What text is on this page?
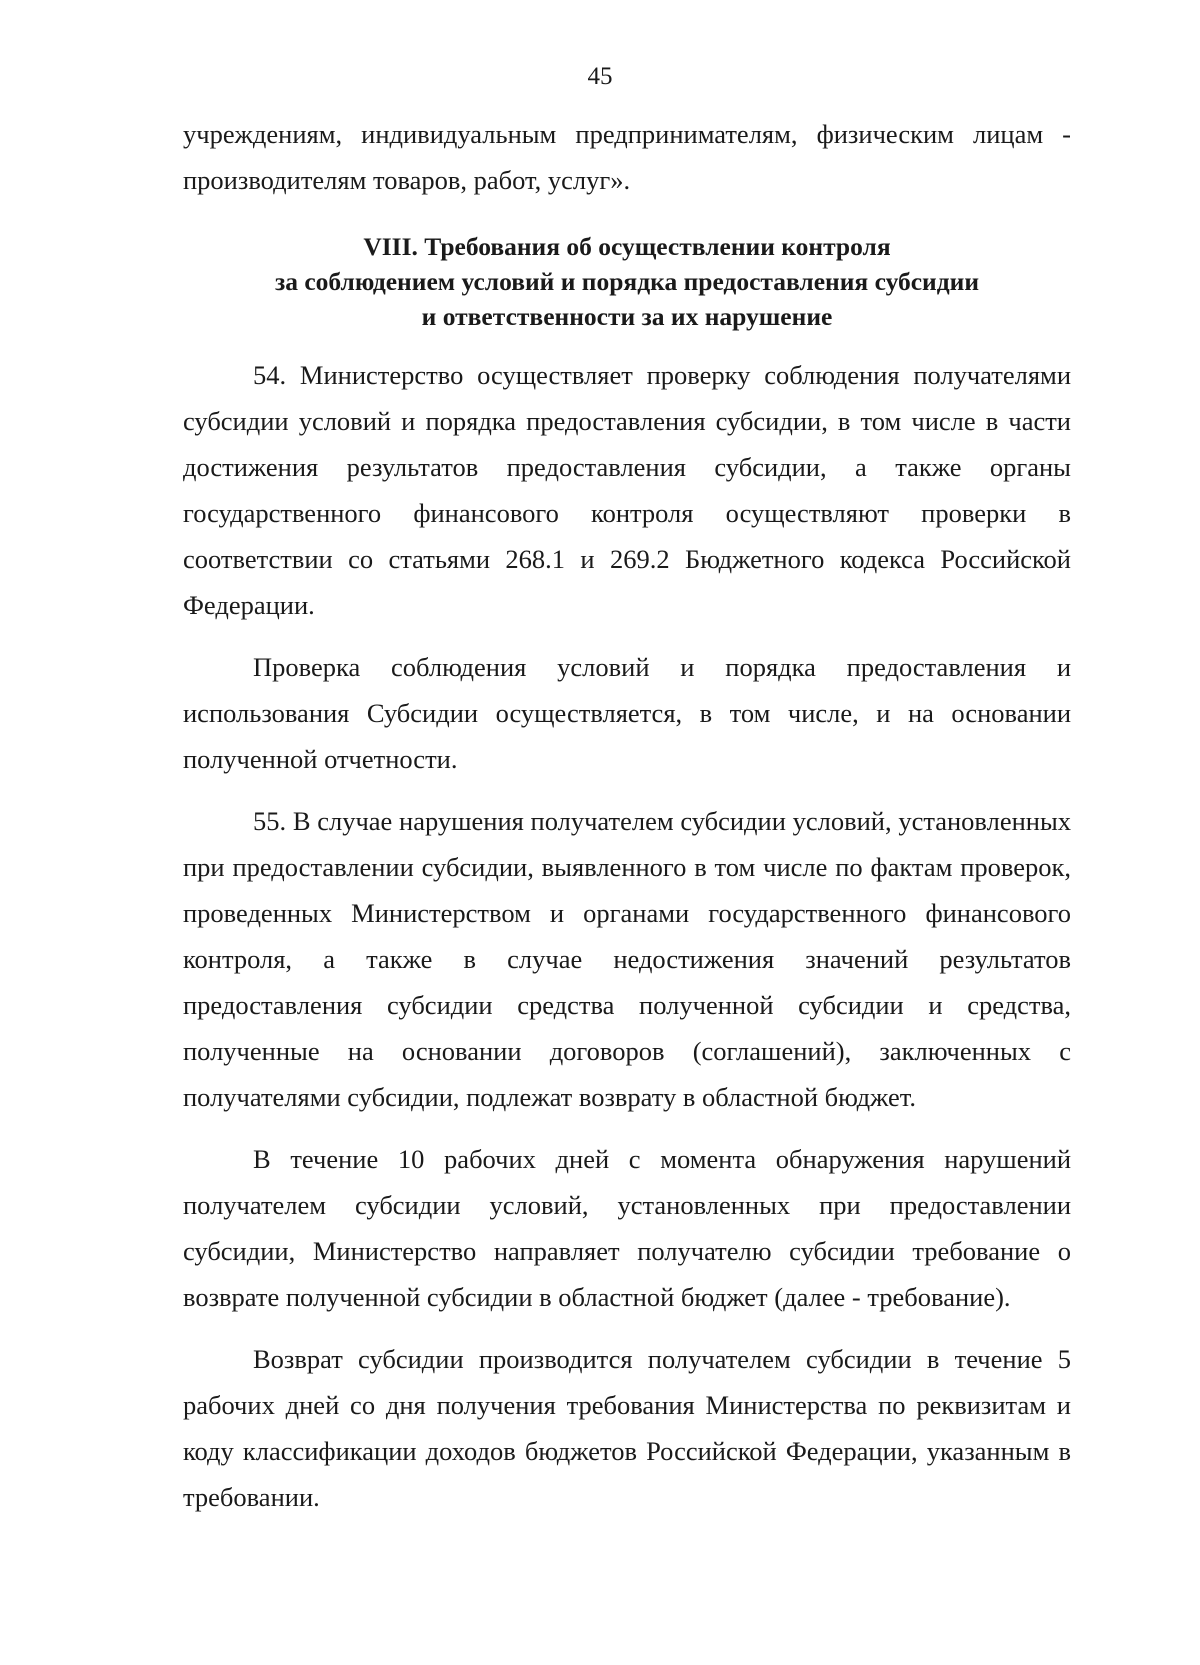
45

учреждениям, индивидуальным предпринимателям, физическим лицам - производителям товаров, работ, услуг».

VIII. Требования об осуществлении контроля
за соблюдением условий и порядка предоставления субсидии
и ответственности за их нарушение

54. Министерство осуществляет проверку соблюдения получателями субсидии условий и порядка предоставления субсидии, в том числе в части достижения результатов предоставления субсидии, а также органы государственного финансового контроля осуществляют проверки в соответствии со статьями 268.1 и 269.2 Бюджетного кодекса Российской Федерации.

Проверка соблюдения условий и порядка предоставления и использования Субсидии осуществляется, в том числе, и на основании полученной отчетности.

55. В случае нарушения получателем субсидии условий, установленных при предоставлении субсидии, выявленного в том числе по фактам проверок, проведенных Министерством и органами государственного финансового контроля, а также в случае недостижения значений результатов предоставления субсидии средства полученной субсидии и средства, полученные на основании договоров (соглашений), заключенных с получателями субсидии, подлежат возврату в областной бюджет.

В течение 10 рабочих дней с момента обнаружения нарушений получателем субсидии условий, установленных при предоставлении субсидии, Министерство направляет получателю субсидии требование о возврате полученной субсидии в областной бюджет (далее - требование).

Возврат субсидии производится получателем субсидии в течение 5 рабочих дней со дня получения требования Министерства по реквизитам и коду классификации доходов бюджетов Российской Федерации, указанным в требовании.
